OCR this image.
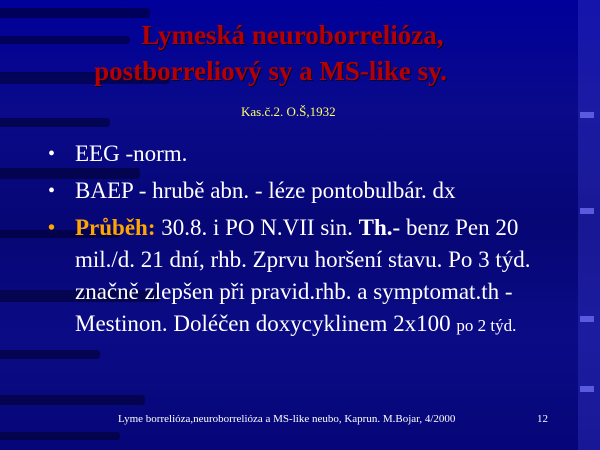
Lymeská neuroborrelióza,
postborreliový sy a MS-like sy.
Kas.č.2. O.Š,1932
• EEG -norm.
• BAEP - hrubě abn. - léze pontobulbár. dx
• Průběh: 30.8. i PO N.VII sin. Th.- benz Pen 20 mil./d. 21 dní, rhb. Zprvu horšení stavu. Po 3 týd. značně zlepšen při pravid.rhb. a symptomat.th -Mestinon. Doléčen doxycyklinem 2x100 po 2 týd.
Lyme borrelióza,neuroborrelióza a MS-like neubo, Kaprun. M.Bojar, 4/2000	12
